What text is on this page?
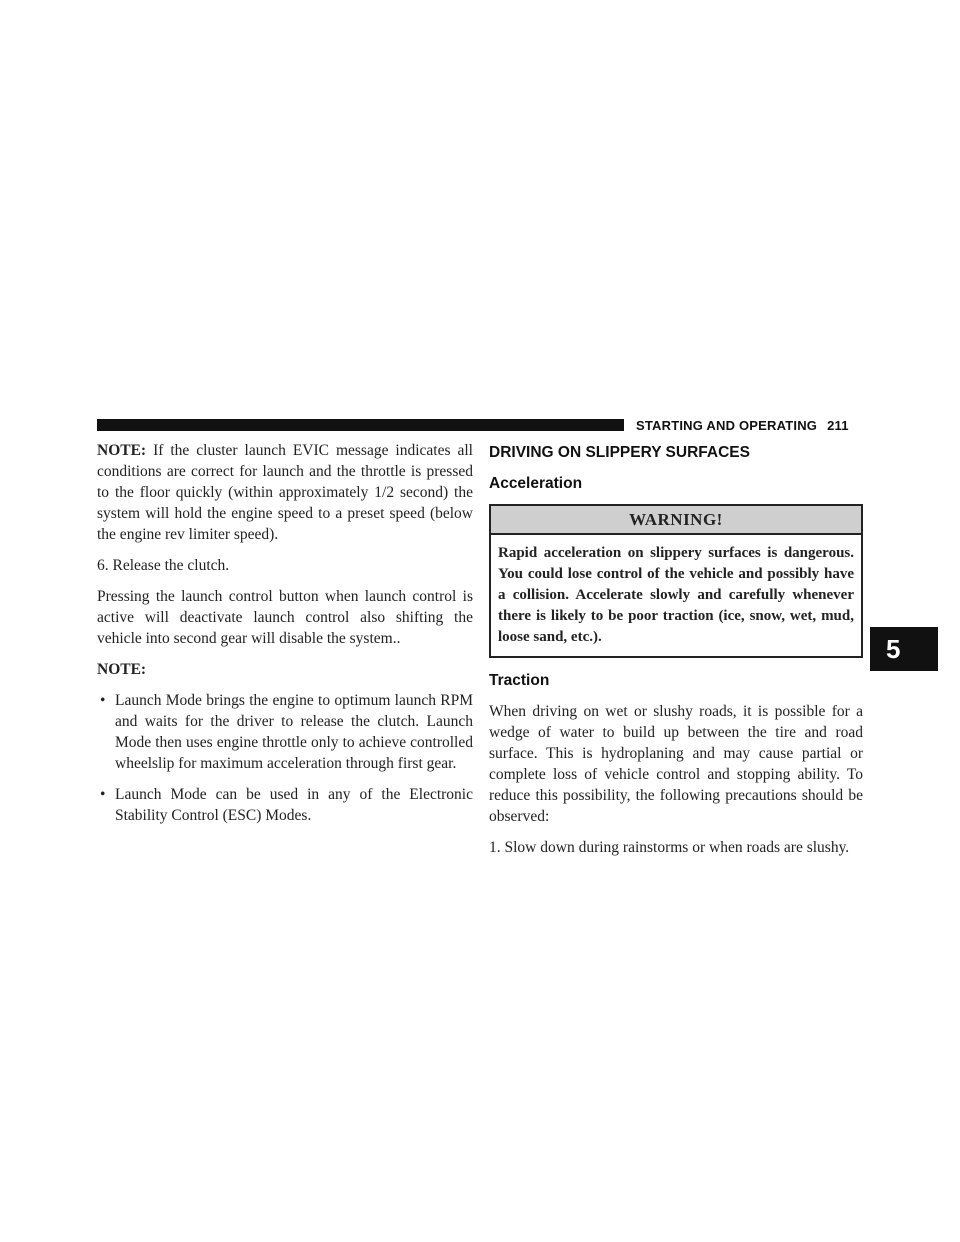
STARTING AND OPERATING 211

NOTE: If the cluster launch EVIC message indicates all conditions are correct for launch and the throttle is pressed to the floor quickly (within approximately 1/2 second) the system will hold the engine speed to a preset speed (below the engine rev limiter speed).

6. Release the clutch.

Pressing the launch control button when launch control is active will deactivate launch control also shifting the vehicle into second gear will disable the system..

NOTE:

• Launch Mode brings the engine to optimum launch RPM and waits for the driver to release the clutch. Launch Mode then uses engine throttle only to achieve controlled wheelslip for maximum acceleration through first gear.
• Launch Mode can be used in any of the Electronic Stability Control (ESC) Modes.
DRIVING ON SLIPPERY SURFACES
Acceleration
WARNING!
Rapid acceleration on slippery surfaces is dangerous. You could lose control of the vehicle and possibly have a collision. Accelerate slowly and carefully whenever there is likely to be poor traction (ice, snow, wet, mud, loose sand, etc.).
Traction

When driving on wet or slushy roads, it is possible for a wedge of water to build up between the tire and road surface. This is hydroplaning and may cause partial or complete loss of vehicle control and stopping ability. To reduce this possibility, the following precautions should be observed:

1. Slow down during rainstorms or when roads are slushy.

5
